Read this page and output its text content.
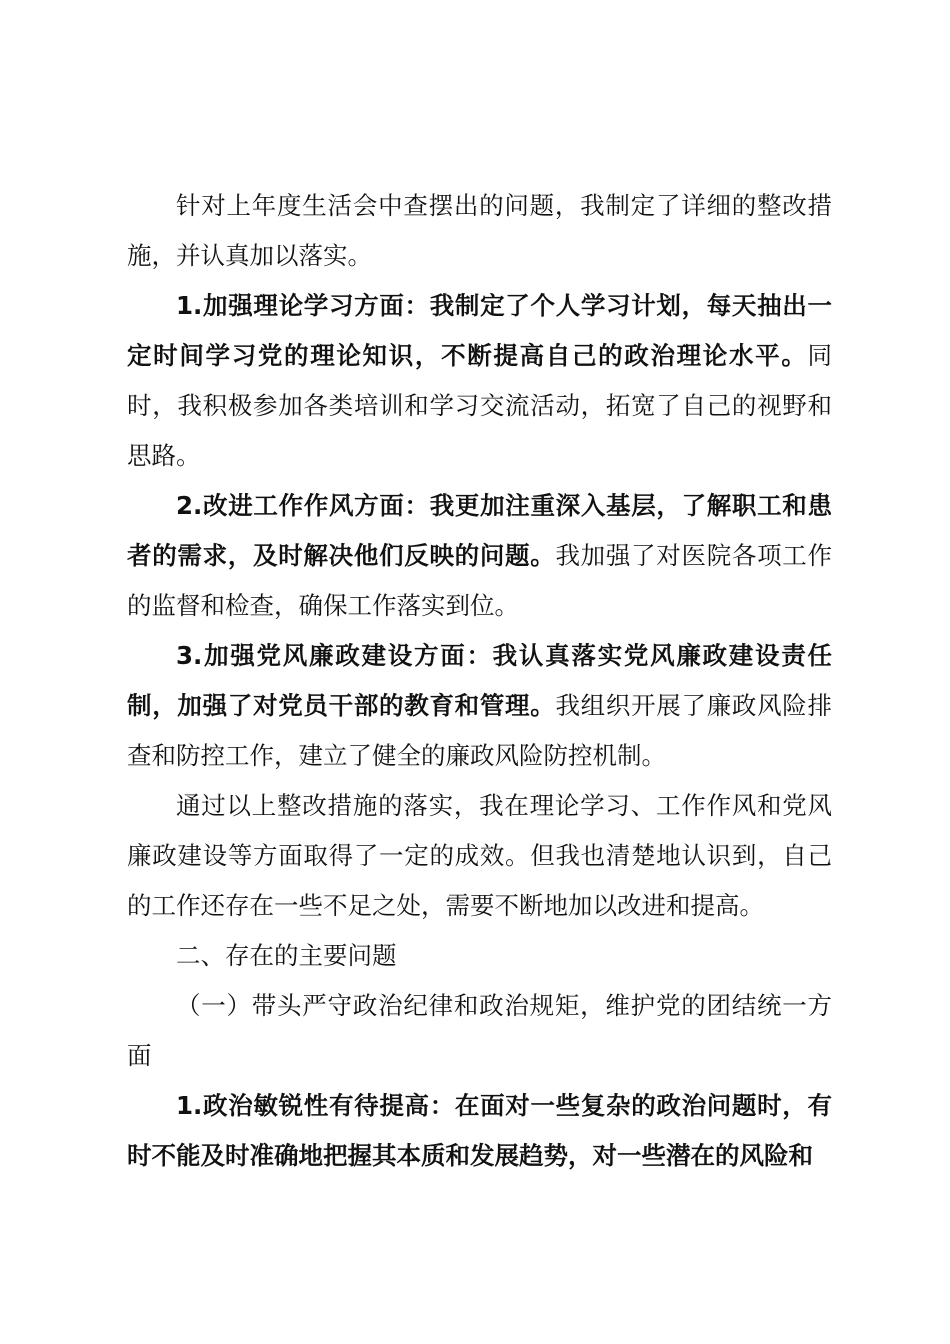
针对上年度生活会中查摆出的问题，我制定了详细的整改措施，并认真加以落实。

1.加强理论学习方面：我制定了个人学习计划，每天抽出一定时间学习党的理论知识，不断提高自己的政治理论水平。同时，我积极参加各类培训和学习交流活动，拓宽了自己的视野和思路。

2.改进工作作风方面：我更加注重深入基层，了解职工和患者的需求，及时解决他们反映的问题。我加强了对医院各项工作的监督和检查，确保工作落实到位。

3.加强党风廉政建设方面：我认真落实党风廉政建设责任制，加强了对党员干部的教育和管理。我组织开展了廉政风险排查和防控工作，建立了健全的廉政风险防控机制。

通过以上整改措施的落实，我在理论学习、工作作风和党风廉政建设等方面取得了一定的成效。但我也清楚地认识到，自己的工作还存在一些不足之处，需要不断地加以改进和提高。

二、存在的主要问题

（一）带头严守政治纪律和政治规矩，维护党的团结统一方面

1.政治敏锐性有待提高：在面对一些复杂的政治问题时，有时不能及时准确地把握其本质和发展趋势，对一些潜在的风险和
